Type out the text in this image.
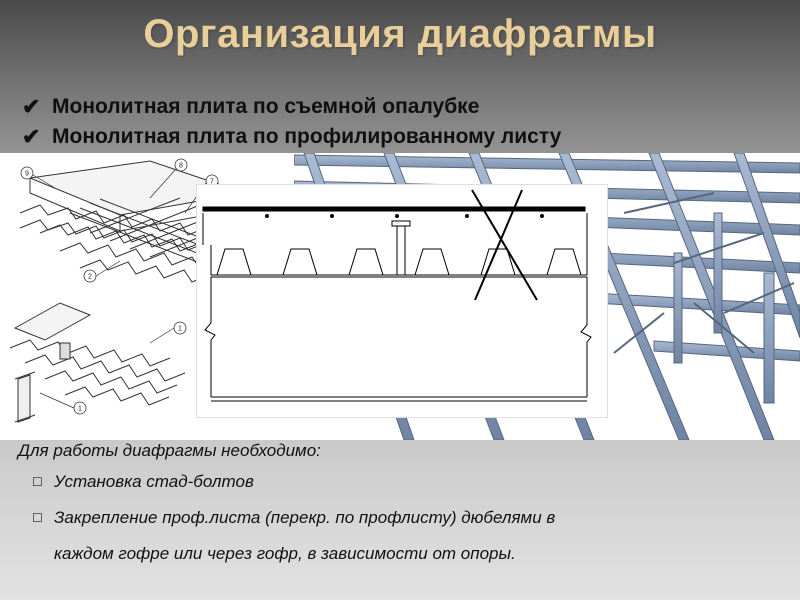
Организация диафрагмы
✔ Монолитная плита по съемной опалубке
✔ Монолитная плита по профилированному листу
9
8
7
2
1
1
Для работы диафрагмы необходимо:
☐ Установка стад-болтов
☐ Закрепление проф.листа (перекр. по профлисту) дюбелями в
каждом гофре или через гофр, в зависимости от опоры.
